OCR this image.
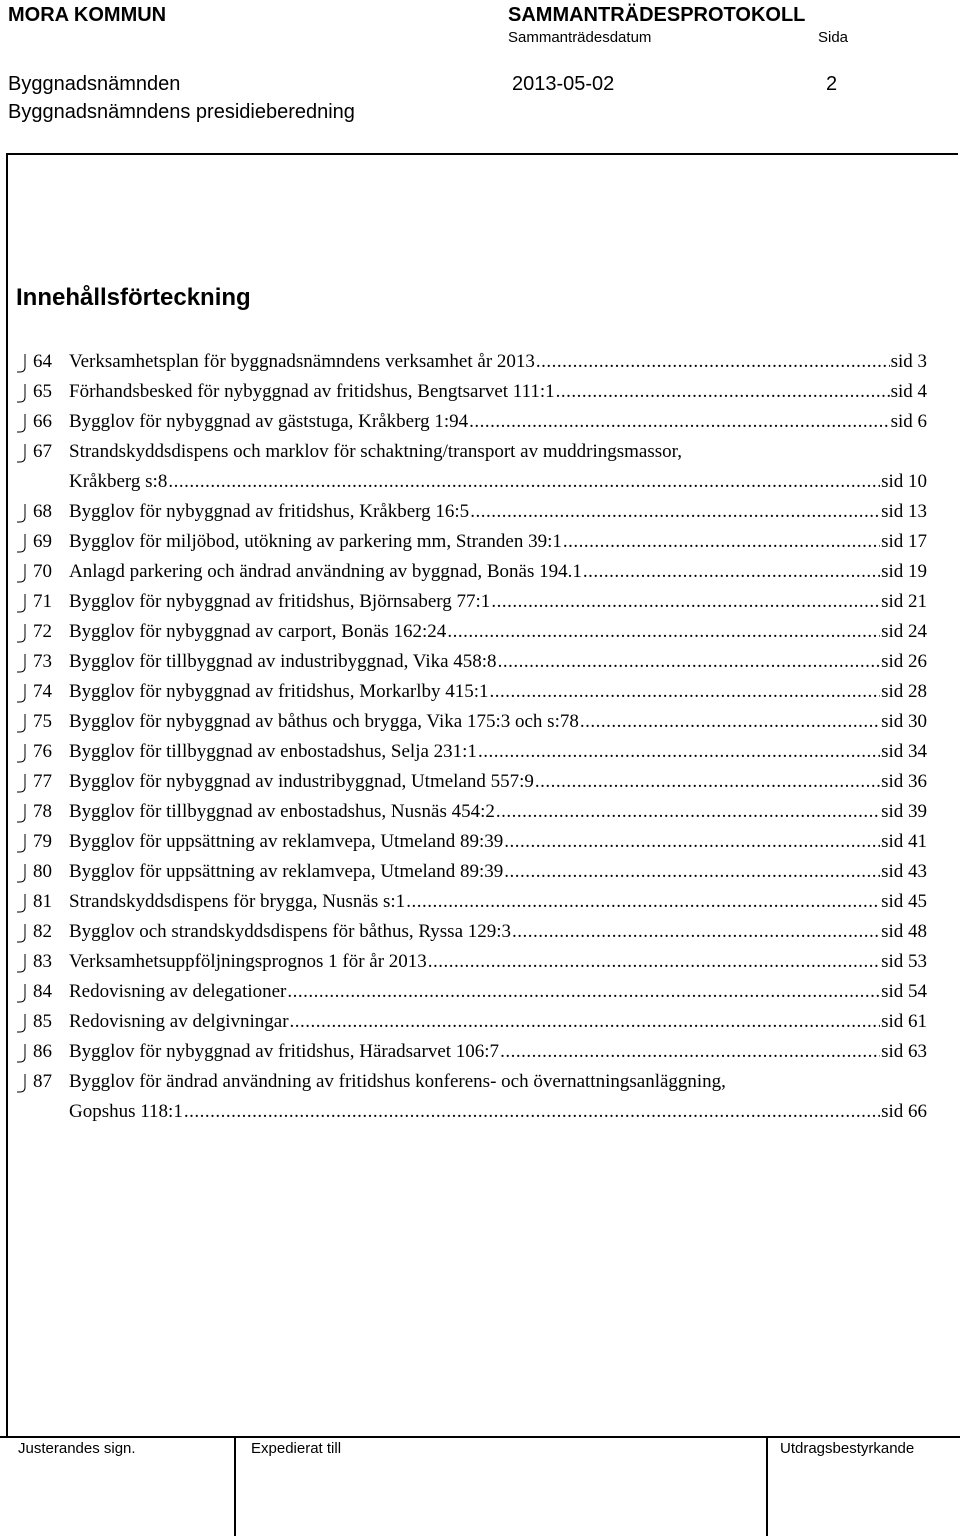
MORA KOMMUN	SAMMANTRÄDESPROTOKOLL
Sammanträdesdatum	Sida
Byggnadsnämnden
Byggnadsnämndens presidieberedning
2013-05-02	2
Innehållsförteckning
64 Verksamhetsplan för byggnadsnämndens verksamhet år 2013 .....	sid 3
65 Förhandsbesked för nybyggnad av fritidshus, Bengtsarvet 111:1 .....	sid 4
66 Bygglov för nybyggnad av gäststuga, Kråkberg 1:94 .....	sid 6
67 Strandskyddsdispens och marklov för schaktning/transport av muddringsmassor,
Kråkberg s:8 .....	sid 10
68 Bygglov för nybyggnad av fritidshus, Kråkberg 16:5 .....	sid 13
69 Bygglov för miljöbod, utökning av parkering mm, Stranden 39:1 .....	sid 17
70 Anlagd parkering och ändrad användning av byggnad, Bonäs 194.1 .....	sid 19
71 Bygglov för nybyggnad av fritidshus, Björnsaberg 77:1 .....	sid 21
72 Bygglov för nybyggnad av carport, Bonäs 162:24 .....	sid 24
73 Bygglov för tillbyggnad av industribyggnad, Vika 458:8 .....	sid 26
74 Bygglov för nybyggnad av fritidshus, Morkarlby 415:1 .....	sid 28
75 Bygglov för nybyggnad av båthus och brygga, Vika 175:3 och s:78 .....	sid 30
76 Bygglov för tillbyggnad av enbostadshus, Selja 231:1 .....	sid 34
77 Bygglov för nybyggnad av industribyggnad, Utmeland 557:9 .....	sid 36
78 Bygglov för tillbyggnad av enbostadshus, Nusnäs 454:2 .....	sid 39
79 Bygglov för uppsättning av reklamvepa, Utmeland 89:39 .....	sid 41
80 Bygglov för uppsättning av reklamvepa, Utmeland 89:39 .....	sid 43
81 Strandskyddsdispens för brygga, Nusnäs s:1 .....	sid 45
82 Bygglov och strandskyddsdispens för båthus, Ryssa 129:3 .....	sid 48
83 Verksamhetsuppföljningsprognos 1 för år 2013 .....	sid 53
84 Redovisning av delegationer .....	sid 54
85 Redovisning av delgivningar .....	sid 61
86 Bygglov för nybyggnad av fritidshus, Häradsarvet 106:7 .....	sid 63
87 Bygglov för ändrad användning av fritidshus konferens- och övernattningsanläggning,
Gopshus 118:1 .....	sid 66
Justerandes sign.	Expedierat till	Utdragsbestyrkande
